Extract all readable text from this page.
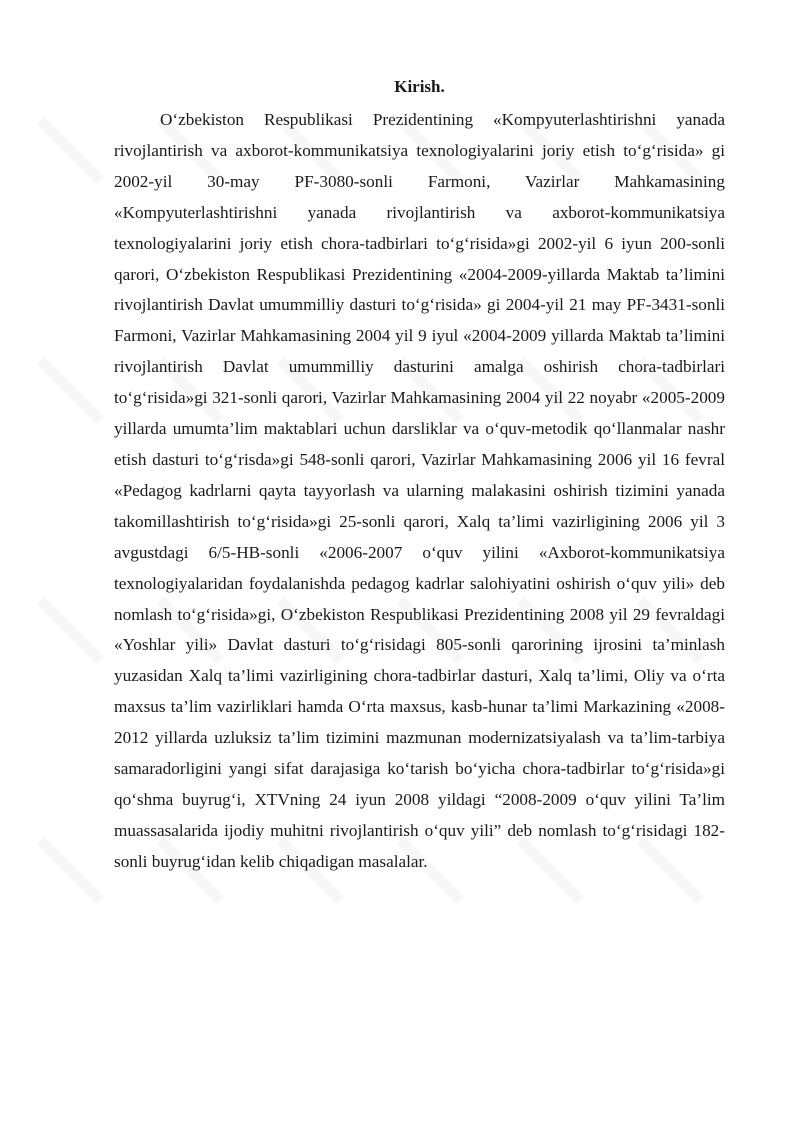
Kirish.

O‘zbekiston Respublikasi Prezidentining «Kompyuterlashtirishni yanada rivojlantirish va axborot-kommunikatsiya texnologiyalarini joriy etish to‘g‘risida» gi 2002-yil 30-may PF-3080-sonli Farmoni, Vazirlar Mahkamasining «Kompyuterlashtirishni yanada rivojlantirish va axborot-kommunikatsiya texnologiyalarini joriy etish chora-tadbirlari to‘g‘risida»gi 2002-yil 6 iyun 200-sonli qarori, O‘zbekiston Respublikasi Prezidentining «2004-2009-yillarda Maktab ta’limini rivojlantirish Davlat umummilliy dasturi to‘g‘risida» gi 2004-yil 21 may PF-3431-sonli Farmoni, Vazirlar Mahkamasining 2004 yil 9 iyul «2004-2009 yillarda Maktab ta’limini rivojlantirish Davlat umummilliy dasturini amalga oshirish chora-tadbirlari to‘g‘risida»gi 321-sonli qarori, Vazirlar Mahkamasining 2004 yil 22 noyabr «2005-2009 yillarda umumta’lim maktablari uchun darsliklar va o‘quv-metodik qo‘llanmalar nashr etish dasturi to‘g‘risda»gi 548-sonli qarori, Vazirlar Mahkamasining 2006 yil 16 fevral «Pedagog kadrlarni qayta tayyorlash va ularning malakasini oshirish tizimini yanada takomillashtirish to‘g‘risida»gi 25-sonli qarori, Xalq ta’limi vazirligining 2006 yil 3 avgustdagi 6/5-HB-sonli «2006-2007 o‘quv yilini «Axborot-kommunikatsiya texnologiyalaridan foydalanishda pedagog kadrlar salohiyatini oshirish o‘quv yili» deb nomlash to‘g‘risida»gi, O‘zbekiston Respublikasi Prezidentining 2008 yil 29 fevraldagi «Yoshlar yili» Davlat dasturi to‘g‘risidagi 805-sonli qarorining ijrosini ta’minlash yuzasidan Xalq ta’limi vazirligining chora-tadbirlar dasturi, Xalq ta’limi, Oliy va o‘rta maxsus ta’lim vazirliklari hamda O‘rta maxsus, kasb-hunar ta’limi Markazining «2008-2012 yillarda uzluksiz ta’lim tizimini mazmunan modernizatsiyalash va ta’lim-tarbiya samaradorligini yangi sifat darajasiga ko‘tarish bo‘yicha chora-tadbirlar to‘g‘risida»gi qo‘shma buyrug‘i, XTVning 24 iyun 2008 yildagi “2008-2009 o‘quv yilini Ta’lim muassasalarida ijodiy muhitni rivojlantirish o‘quv yili” deb nomlash to‘g‘risidagi 182-sonli buyrug‘idan kelib chiqadigan masalalar.
